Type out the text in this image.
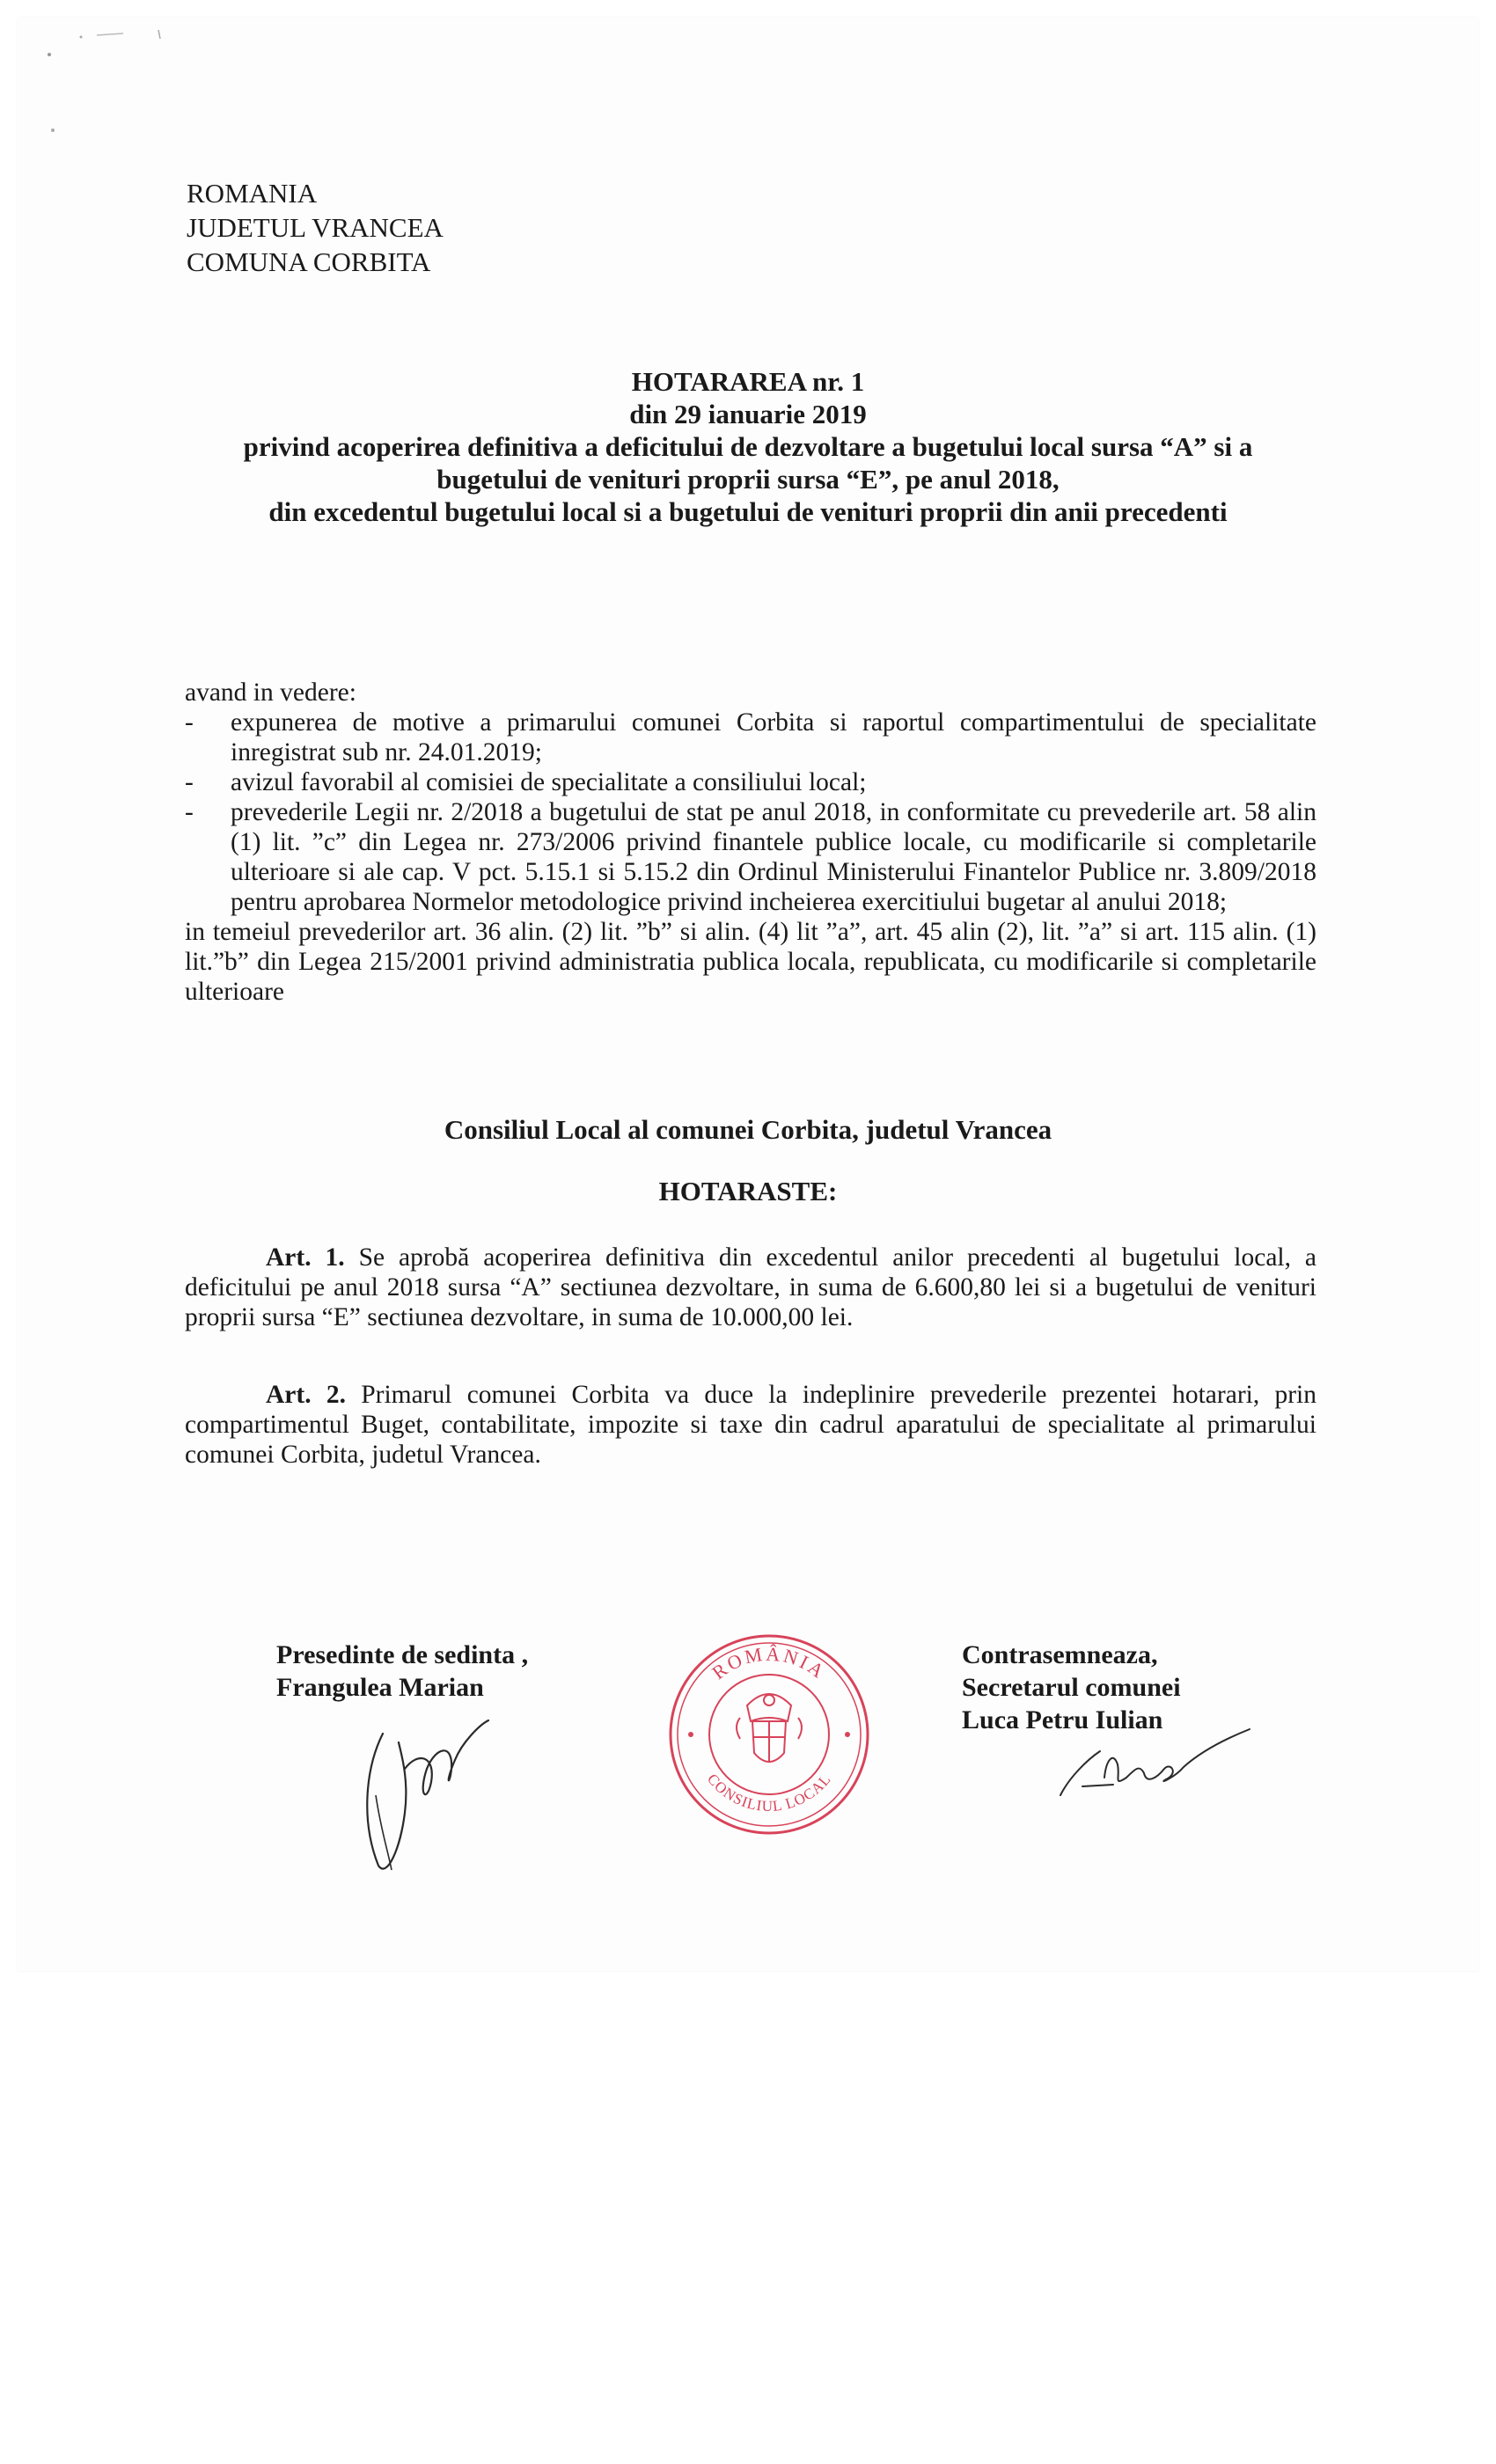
ROMANIA
JUDETUL VRANCEA
COMUNA CORBITA
HOTARAREA nr. 1
din 29 ianuarie 2019
privind acoperirea definitiva a deficitului de dezvoltare a bugetului local sursa “A” si a
bugetului de venituri proprii sursa “E”, pe anul 2018,
din excedentul bugetului local si a bugetului de venituri proprii din anii precedenti

avand in vedere:

- expunerea de motive a primarului comunei Corbita si raportul compartimentului de specialitate inregistrat sub nr. 24.01.2019;
- avizul favorabil al comisiei de specialitate a consiliului local;
- prevederile Legii nr. 2/2018 a bugetului de stat pe anul 2018, in conformitate cu prevederile art. 58 alin (1) lit. ”c” din Legea nr. 273/2006 privind finantele publice locale, cu modificarile si completarile ulterioare si ale cap. V pct. 5.15.1 si 5.15.2 din Ordinul Ministerului Finantelor Publice nr. 3.809/2018 pentru aprobarea Normelor metodologice privind incheierea exercitiului bugetar al anului 2018;

in temeiul prevederilor art. 36 alin. (2) lit. ”b” si alin. (4) lit ”a”, art. 45 alin (2), lit. ”a” si art. 115 alin. (1) lit.”b” din Legea 215/2001 privind administratia publica locala, republicata, cu modificarile si completarile ulterioare

Consiliul Local al comunei Corbita, judetul Vrancea
HOTARASTE:
Art. 1. Se aprobă acoperirea definitiva din excedentul anilor precedenti al bugetului local, a deficitului pe anul 2018 sursa “A” sectiunea dezvoltare, in suma de 6.600,80 lei si a bugetului de venituri proprii sursa “E” sectiunea dezvoltare, in suma de 10.000,00 lei.
Art. 2. Primarul comunei Corbita va duce la indeplinire prevederile prezentei hotarari, prin compartimentul Buget, contabilitate, impozite si taxe din cadrul aparatului de specialitate al primarului comunei Corbita, judetul Vrancea.
Presedinte de sedinta ,
Frangulea Marian
ROMÂNIA
CONSILIUL LOCAL
Contrasemneaza,
Secretarul comunei
Luca Petru Iulian
